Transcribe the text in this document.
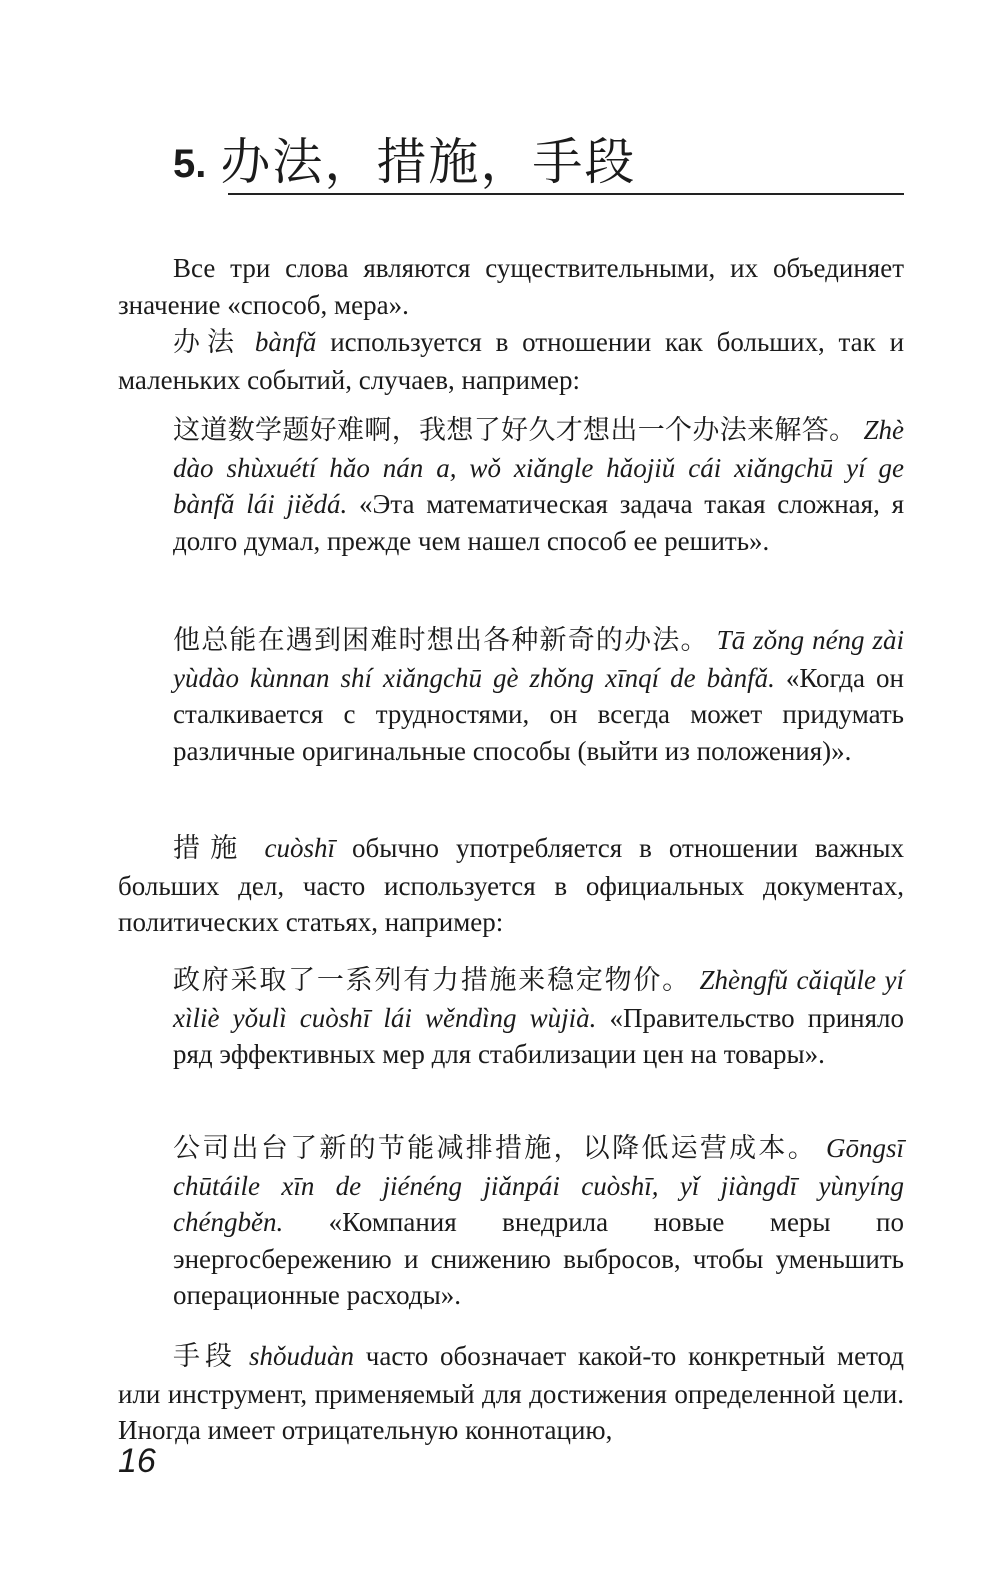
5. 办法，措施，手段
Все три слова являются существительными, их объединяет значение «способ, мера».
办法 bànfǎ используется в отношении как больших, так и маленьких событий, случаев, например:
这道数学题好难啊，我想了好久才想出一个办法来解答。 Zhè dào shùxuétí hǎo nán a, wǒ xiǎngle hǎojiǔ cái xiǎngchū yí ge bànfǎ lái jiědá. «Эта математическая задача такая сложная, я долго думал, прежде чем нашел способ ее решить».
他总能在遇到困难时想出各种新奇的办法。 Tā zǒng néng zài yùdào kùnnan shí xiǎngchū gè zhǒng xīnqí de bànfǎ. «Когда он сталкивается с трудностями, он всегда может придумать различные оригинальные способы (выйти из положения)».
措施 cuòshī обычно употребляется в отношении важных больших дел, часто используется в официальных документах, политических статьях, например:
政府采取了一系列有力措施来稳定物价。 Zhèngfǔ cǎiqǔle yí xìliè yǒulì cuòshī lái wěndìng wùjià. «Правительство приняло ряд эффективных мер для стабилизации цен на товары».
公司出台了新的节能减排措施，以降低运营成本。 Gōngsī chūtáile xīn de jiénéng jiǎnpái cuòshī, yǐ jiàngdī yùnyíng chéngběn. «Компания внедрила новые меры по энергосбережению и снижению выбросов, чтобы уменьшить операционные расходы».
手段 shǒuduàn часто обозначает какой-то конкретный метод или инструмент, применяемый для достижения определенной цели. Иногда имеет отрицательную коннотацию,
16
